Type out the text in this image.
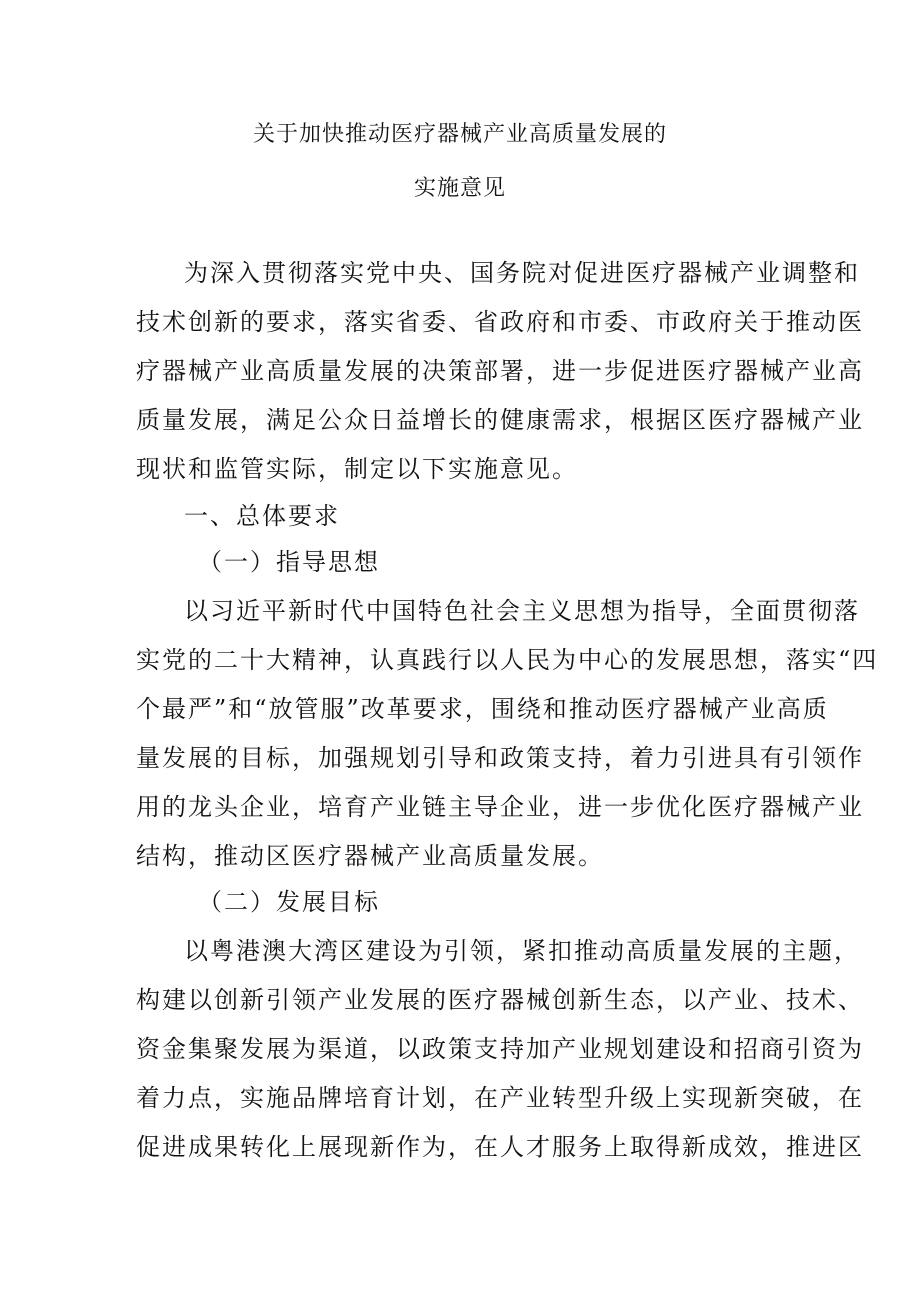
关于加快推动医疗器械产业高质量发展的
实施意见
为深入贯彻落实党中央、国务院对促进医疗器械产业调整和
技术创新的要求，落实省委、省政府和市委、市政府关于推动医
疗器械产业高质量发展的决策部署，进一步促进医疗器械产业高
质量发展，满足公众日益增长的健康需求，根据区医疗器械产业
现状和监管实际，制定以下实施意见。
一、总体要求
（一）指导思想
以习近平新时代中国特色社会主义思想为指导，全面贯彻落
实党的二十大精神，认真践行以人民为中心的发展思想，落实“四
个最严”和“放管服”改革要求，围绕和推动医疗器械产业高质
量发展的目标，加强规划引导和政策支持，着力引进具有引领作
用的龙头企业，培育产业链主导企业，进一步优化医疗器械产业
结构，推动区医疗器械产业高质量发展。
（二）发展目标
以粤港澳大湾区建设为引领，紧扣推动高质量发展的主题，
构建以创新引领产业发展的医疗器械创新生态，以产业、技术、
资金集聚发展为渠道，以政策支持加产业规划建设和招商引资为
着力点，实施品牌培育计划，在产业转型升级上实现新突破，在
促进成果转化上展现新作为，在人才服务上取得新成效，推进区
